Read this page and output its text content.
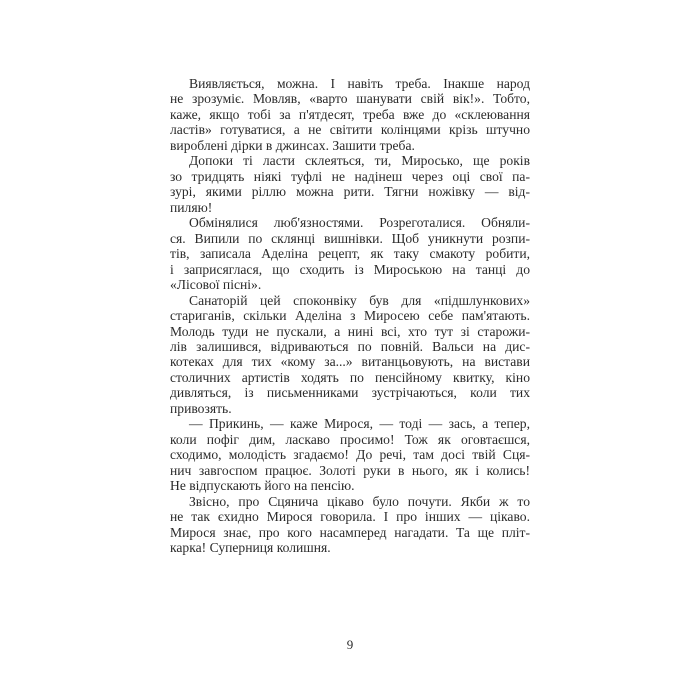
Виявляється, можна. І навіть треба. Інакше народ
не зрозуміє. Мовляв, «варто шанувати свій вік!». Тобто,
каже, якщо тобі за п'ятдесят, треба вже до «склеювання
ластів» готуватися, а не світити колінцями крізь штучно
вироблені дірки в джинсах. Зашити треба.
Допоки ті ласти склеяться, ти, Миросько, ще років
зо тридцять ніякі туфлі не надінеш через оці свої па-
зурі, якими ріллю можна рити. Тягни ножівку — від-
пиляю!
Обмінялися люб'язностями. Розреготалися. Обняли-
ся. Випили по склянці вишнівки. Щоб уникнути розпи-
тів, записала Аделіна рецепт, як таку смакоту робити,
і заприсяглася, що сходить із Мироською на танці до
«Лісової пісні».
Санаторій цей споконвіку був для «підшлункових»
стариганів, скільки Аделіна з Миросею себе пам'ятають.
Молодь туди не пускали, а нині всі, хто тут зі старожи-
лів залишився, відриваються по повній. Вальси на дис-
котеках для тих «кому за...» витанцьовують, на вистави
столичних артистів ходять по пенсійному квитку, кіно
дивляться, із письменниками зустрічаються, коли тих
привозять.
— Прикинь, — каже Мирося, — тоді — зась, а тепер,
коли пофіг дим, ласкаво просимо! Тож як оговтаєшся,
сходимо, молодість згадаємо! До речі, там досі твій Сця-
нич завгоспом працює. Золоті руки в нього, як і колись!
Не відпускають його на пенсію.
Звісно, про Сцянича цікаво було почути. Якби ж то
не так єхидно Мирося говорила. І про інших — цікаво.
Мирося знає, про кого насамперед нагадати. Та ще пліт-
карка! Суперниця колишня.
9
